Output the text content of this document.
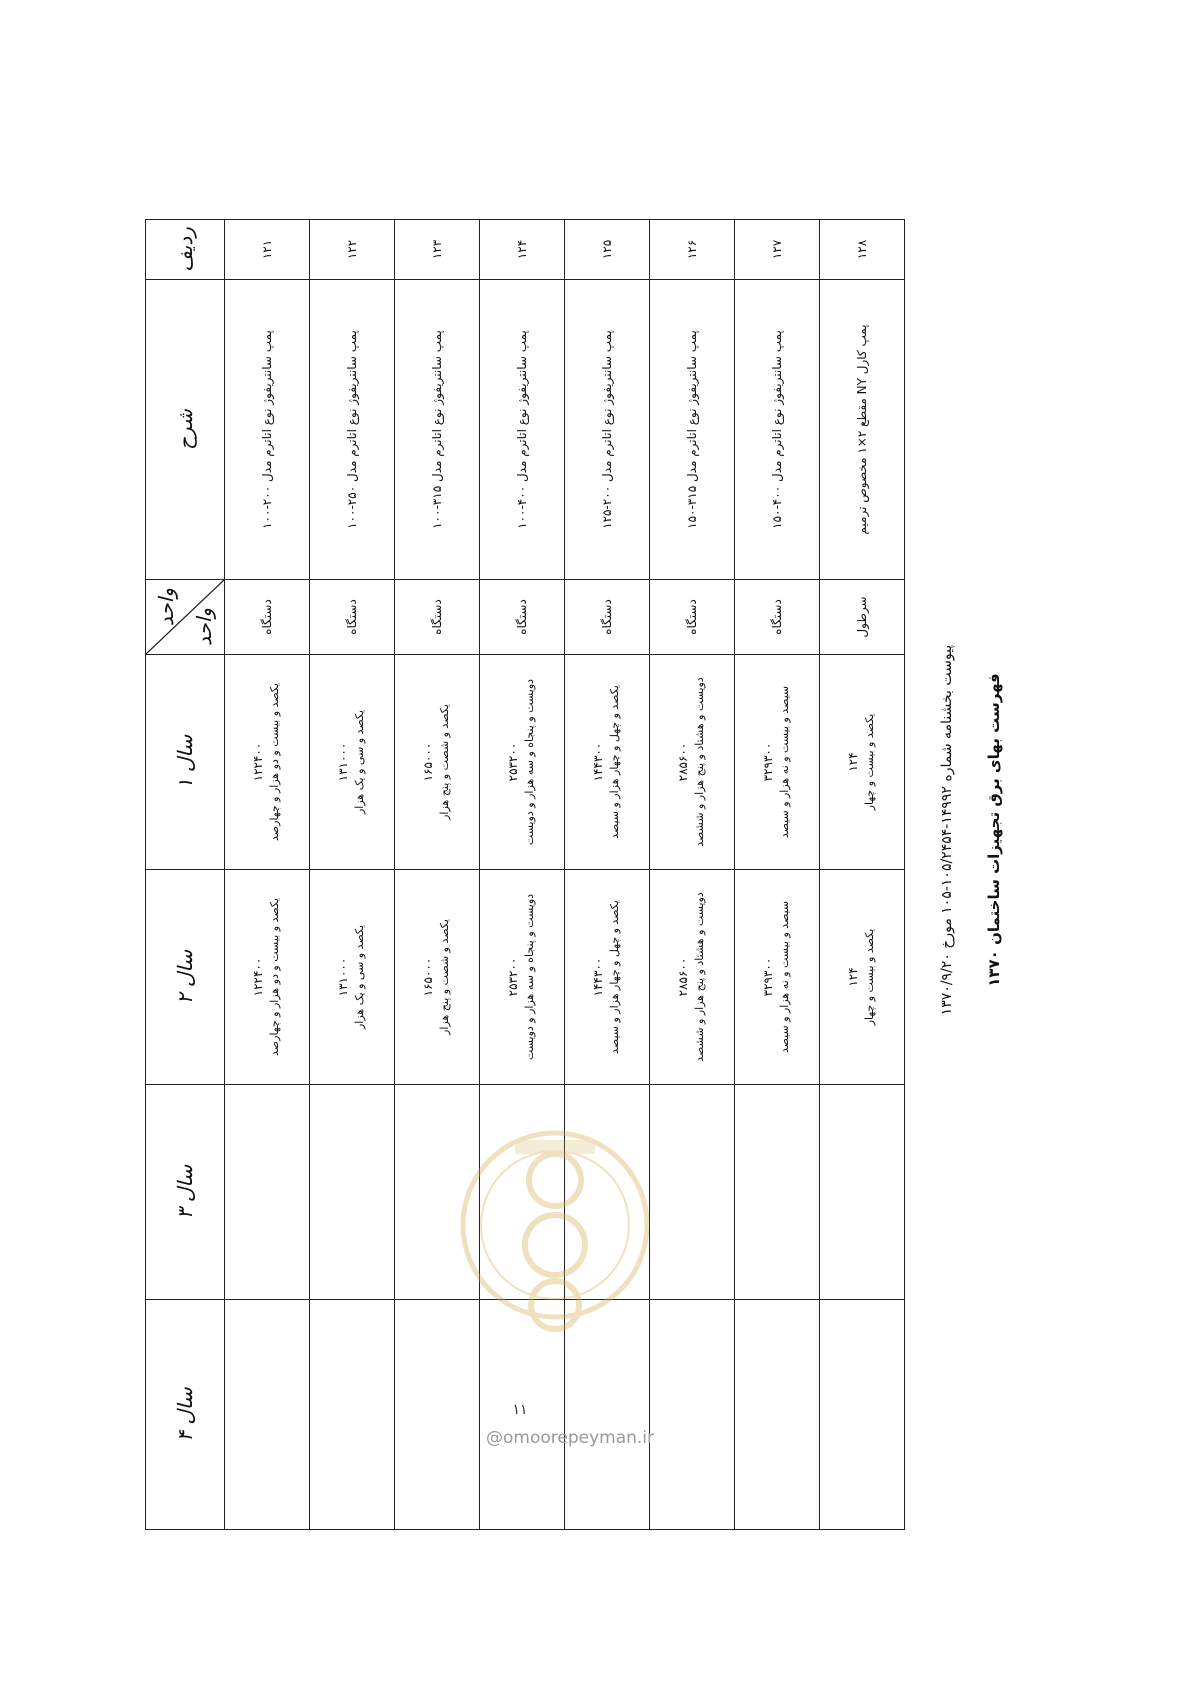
فهرست بهای برق تجهیزات ساختمان ۱۳۷۰
پیوست بخشنامه شماره ۱۴۹۹۲-۱۰۵/۲۴۵۴-۱۰۵ مورخ ۱۳۷۰/۹/۲۰
ردیف	شرح	واحد
واحد	سال ۱	سال ۲	سال ۳	سال ۴
۱۲۱	پمپ سانتریفوژ نوع اتاترم مدل ۲۰۰-۱۰۰	دستگاه	۱۲۲۴۰۰ یکصد و بیست و دو هزار و چهارصد	۱۲۲۴۰۰ یکصد و بیست و دو هزار و چهارصد		

۱۲۲	پمپ سانتریفوژ نوع اتاترم مدل ۲۵۰-۱۰۰	دستگاه	۱۳۱۰۰۰ یکصد و سی و یک هزار	۱۳۱۰۰۰ یکصد و سی و یک هزار		

۱۲۳	پمپ سانتریفوژ نوع اتاترم مدل ۳۱۵-۱۰۰	دستگاه	۱۶۵۰۰۰ یکصد و شصت و پنج هزار	۱۶۵۰۰۰ یکصد و شصت و پنج هزار		

۱۲۴	پمپ سانتریفوژ نوع اتاترم مدل ۴۰۰-۱۰۰	دستگاه	۲۵۳۲۰۰ دویست و پنجاه و سه هزار و دویست	۲۵۳۲۰۰ دویست و پنجاه و سه هزار و دویست		

۱۲۵	پمپ سانتریفوژ نوع اتاترم مدل ۲۰۰-۱۲۵	دستگاه	۱۴۴۳۰۰ یکصد و چهل و چهار هزار و سیصد	۱۴۴۳۰۰ یکصد و چهل و چهار هزار و سیصد		

۱۲۶	پمپ سانتریفوژ نوع اتاترم مدل ۳۱۵-۱۵۰	دستگاه	۲۸۵۶۰۰ دویست و هشتاد و پنج هزار و ششصد	۲۸۵۶۰۰ دویست و هشتاد و پنج هزار و ششصد		

۱۲۷	پمپ سانتریفوژ نوع اتاترم مدل ۴۰۰-۱۵۰	دستگاه	۳۲۹۳۰۰ سیصد و بیست و نه هزار و سیصد	۳۲۹۳۰۰ سیصد و بیست و نه هزار و سیصد		

۱۲۸	پمپ کارل NY مقطع ۲×۱ مخصوص ترمیم	سرطول	۱۲۴ یکصد و بیست و چهار	۱۲۴ یکصد و بیست و چهار		

۱۱
@omoorepeyman.ir
